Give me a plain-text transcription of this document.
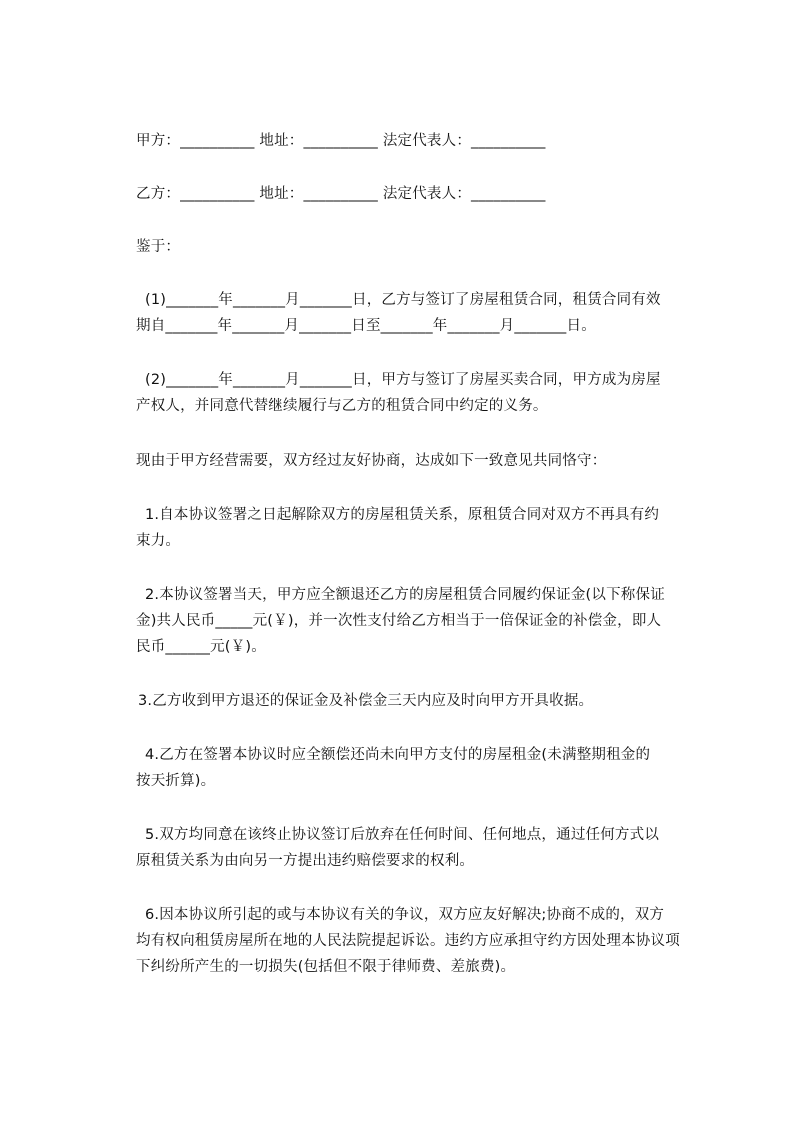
甲方：__________ 地址：__________ 法定代表人：__________
乙方：__________ 地址：__________ 法定代表人：__________
鉴于：
(1)_______年_______月_______日，乙方与签订了房屋租赁合同，租赁合同有效
期自_______年_______月_______日至_______年_______月_______日。
(2)_______年_______月_______日，甲方与签订了房屋买卖合同，甲方成为房屋
产权人，并同意代替继续履行与乙方的租赁合同中约定的义务。
现由于甲方经营需要，双方经过友好协商，达成如下一致意见共同恪守：
1.自本协议签署之日起解除双方的房屋租赁关系，原租赁合同对双方不再具有约
束力。
2.本协议签署当天，甲方应全额退还乙方的房屋租赁合同履约保证金(以下称保证
金)共人民币_____元(￥)，并一次性支付给乙方相当于一倍保证金的补偿金，即人
民币______元(￥)。
3.乙方收到甲方退还的保证金及补偿金三天内应及时向甲方开具收据。
4.乙方在签署本协议时应全额偿还尚未向甲方支付的房屋租金(未满整期租金的
按天折算)。
5.双方均同意在该终止协议签订后放弃在任何时间、任何地点，通过任何方式以
原租赁关系为由向另一方提出违约赔偿要求的权利。
6.因本协议所引起的或与本协议有关的争议，双方应友好解决;协商不成的，双方
均有权向租赁房屋所在地的人民法院提起诉讼。违约方应承担守约方因处理本协议项
下纠纷所产生的一切损失(包括但不限于律师费、差旅费)。
